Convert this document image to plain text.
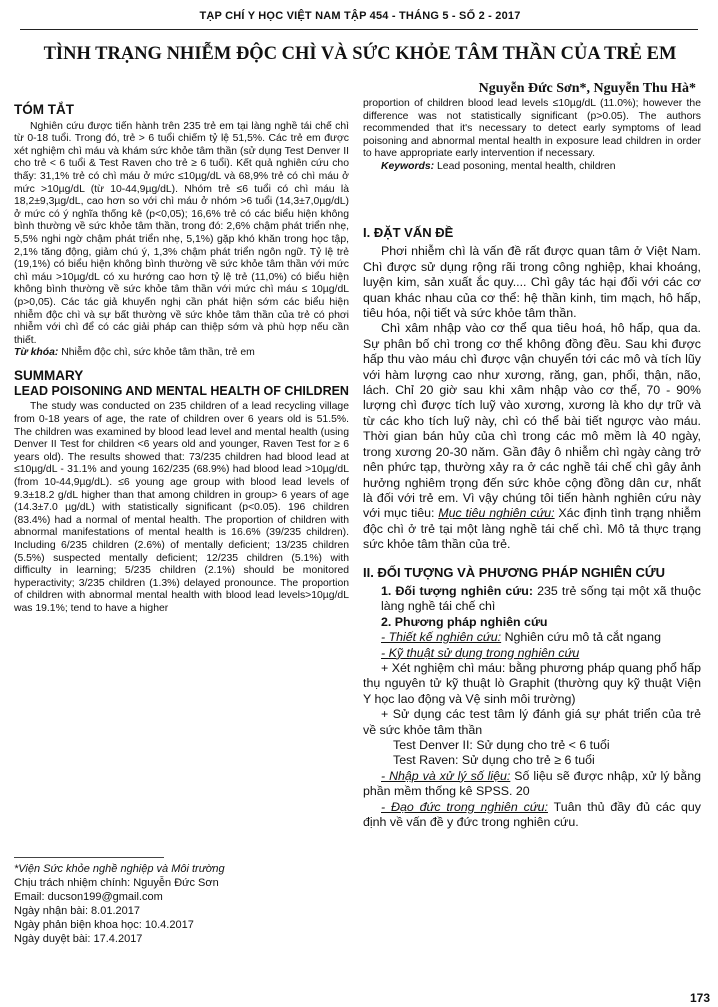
TẠP CHÍ Y HỌC VIỆT NAM TẬP 454 - THÁNG 5 - SỐ 2 - 2017
TÌNH TRẠNG NHIỄM ĐỘC CHÌ VÀ SỨC KHỎE TÂM THẦN CỦA TRẺ EM
Nguyễn Đức Sơn*, Nguyễn Thu Hà*
TÓM TẮT

Nghiên cứu được tiến hành trên 235 trẻ em tại làng nghề tái chế chì từ 0-18 tuổi. Trong đó, trẻ > 6 tuổi chiếm tỷ lệ 51,5%. Các trẻ em được xét nghiệm chì máu và khám sức khỏe tâm thần (sử dụng Test Denver II cho trẻ < 6 tuổi & Test Raven cho trẻ ≥ 6 tuổi). Kết quả nghiên cứu cho thấy: 31,1% trẻ có chì máu ở mức ≤10µg/dL và 68,9% trẻ có chì máu ở mức >10µg/dL (từ 10-44,9µg/dL). Nhóm trẻ ≤6 tuổi có chì máu là 18,2±9,3µg/dL, cao hơn so với chì máu ở nhóm >6 tuổi (14,3±7,0µg/dL) ở mức có ý nghĩa thống kê (p<0,05); 16,6% trẻ có các biểu hiện không bình thường về sức khỏe tâm thần, trong đó: 2,6% chậm phát triển nhẹ, 5,5% nghi ngờ chậm phát triển nhẹ, 5,1%) gặp khó khăn trong học tập, 2,1% tăng động, giảm chú ý, 1,3% chậm phát triển ngôn ngữ. Tỷ lệ trẻ (19,1%) có biểu hiện không bình thường về sức khỏe tâm thần với mức chì máu >10µg/dL có xu hướng cao hơn tỷ lệ trẻ (11,0%) có biểu hiện không bình thường về sức khỏe tâm thần với mức chì máu ≤ 10µg/dL (p>0,05). Các tác giả khuyến nghị cần phát hiện sớm các biểu hiện nhiễm độc chì và sự bất thường về sức khỏe tâm thần của trẻ có phơi nhiễm với chì để có các giải pháp can thiệp sớm và phù hợp nếu cần thiết.

Từ khóa: Nhiễm độc chì, sức khỏe tâm thần, trẻ em

SUMMARY
LEAD POISONING AND MENTAL HEALTH OF CHILDREN

The study was conducted on 235 children of a lead recycling village from 0-18 years of age, the rate of children over 6 years old is 51.5%. The children was examined by blood lead level and mental health (using Denver II Test for children <6 years old and younger, Raven Test for ≥ 6 years old). The results showed that: 73/235 children had blood lead at ≤10µg/dL - 31.1% and young 162/235 (68.9%) had blood lead >10µg/dL (from 10-44,9µg/dL). ≤6 young age group with blood lead levels of 9.3±18.2 g/dL higher than that among children in group> 6 years of age (14.3±7.0 µg/dL) with statistically significant (p<0.05). 196 children (83.4%) had a normal of mental health. The proportion of children with abnormal manifestations of mental health is 16.6% (39/235 children). Including 6/235 children (2.6%) of mentally deficient; 13/235 children (5.5%) suspected mentally deficient; 12/235 children (5.1%) with difficulty in learning; 5/235 children (2.1%) should be monitored hyperactivity; 3/235 children (1.3%) delayed pronounce. The proportion of children with abnormal mental health with blood lead levels>10µg/dL was 19.1%; tend to have a higher

*Viện Sức khỏe nghề nghiệp và Môi trường
Chịu trách nhiệm chính: Nguyễn Đức Sơn
Email: ducson199@gmail.com
Ngày nhận bài: 8.01.2017
Ngày phản biện khoa học: 10.4.2017
Ngày duyệt bài: 17.4.2017

proportion of children blood lead levels ≤10µg/dL (11.0%); however the difference was not statistically significant (p>0.05). The authors recommended that it's necessary to detect early symptoms of lead poisoning and abnormal mental health in exposure lead children in order to have appropriate early intervention if necessary.

Keywords: Lead posoning, mental health, children

I. ĐẶT VẤN ĐỀ

Phơi nhiễm chì là vấn đề rất được quan tâm ở Việt Nam. Chì được sử dụng rộng rãi trong công nghiệp, khai khoáng, luyện kim, sản xuất ắc quy.... Chì gây tác hại đối với các cơ quan khác nhau của cơ thể: hệ thần kinh, tim mạch, hô hấp, tiêu hóa, nội tiết và sức khỏe tâm thần.

Chì xâm nhập vào cơ thể qua tiêu hoá, hô hấp, qua da. Sự phân bố chì trong cơ thể không đồng đều. Sau khi được hấp thu vào máu chì được vận chuyển tới các mô và tích lũy với hàm lượng cao như xương, răng, gan, phổi, thận, não, lách. Chỉ 20 giờ sau khi xâm nhập vào cơ thể, 70 - 90% lượng chì được tích luỹ vào xương, xương là kho dự trữ và từ các kho tích luỹ này, chì có thể bài tiết ngược vào máu. Thời gian bán hủy của chì trong các mô mềm là 40 ngày, trong xương 20-30 năm. Gần đây ô nhiễm chì ngày càng trở nên phức tạp, thường xảy ra ở các nghề tái chế chì gây ảnh hưởng nghiêm trọng đến sức khỏe cộng đồng dân cư, nhất là đối với trẻ em. Vì vậy chúng tôi tiến hành nghiên cứu này với mục tiêu: Mục tiêu nghiên cứu: Xác định tình trạng nhiễm độc chì ở trẻ tại một làng nghề tái chế chì. Mô tả thực trạng sức khỏe tâm thần của trẻ.

II. ĐỐI TƯỢNG VÀ PHƯƠNG PHÁP NGHIÊN CỨU

1. Đối tượng nghiên cứu: 235 trẻ sống tại một xã thuộc làng nghề tái chế chì

2. Phương pháp nghiên cứu

- Thiết kế nghiên cứu: Nghiên cứu mô tả cắt ngang

- Kỹ thuật sử dụng trong nghiên cứu

+ Xét nghiệm chì máu: bằng phương pháp quang phổ hấp thụ nguyên tử kỹ thuật lò Graphit (thường quy kỹ thuật Viện Y học lao động và Vệ sinh môi trường)

+ Sử dụng các test tâm lý đánh giá sự phát triển của trẻ về sức khỏe tâm thần

Test Denver II: Sử dụng cho trẻ < 6 tuổi

Test Raven: Sử dụng cho trẻ ≥ 6 tuổi

- Nhập và xử lý số liệu: Số liệu sẽ được nhập, xử lý bằng phần mềm thống kê SPSS. 20

- Đạo đức trong nghiên cứu: Tuân thủ đầy đủ các quy định về vấn đề y đức trong nghiên cứu.

173
